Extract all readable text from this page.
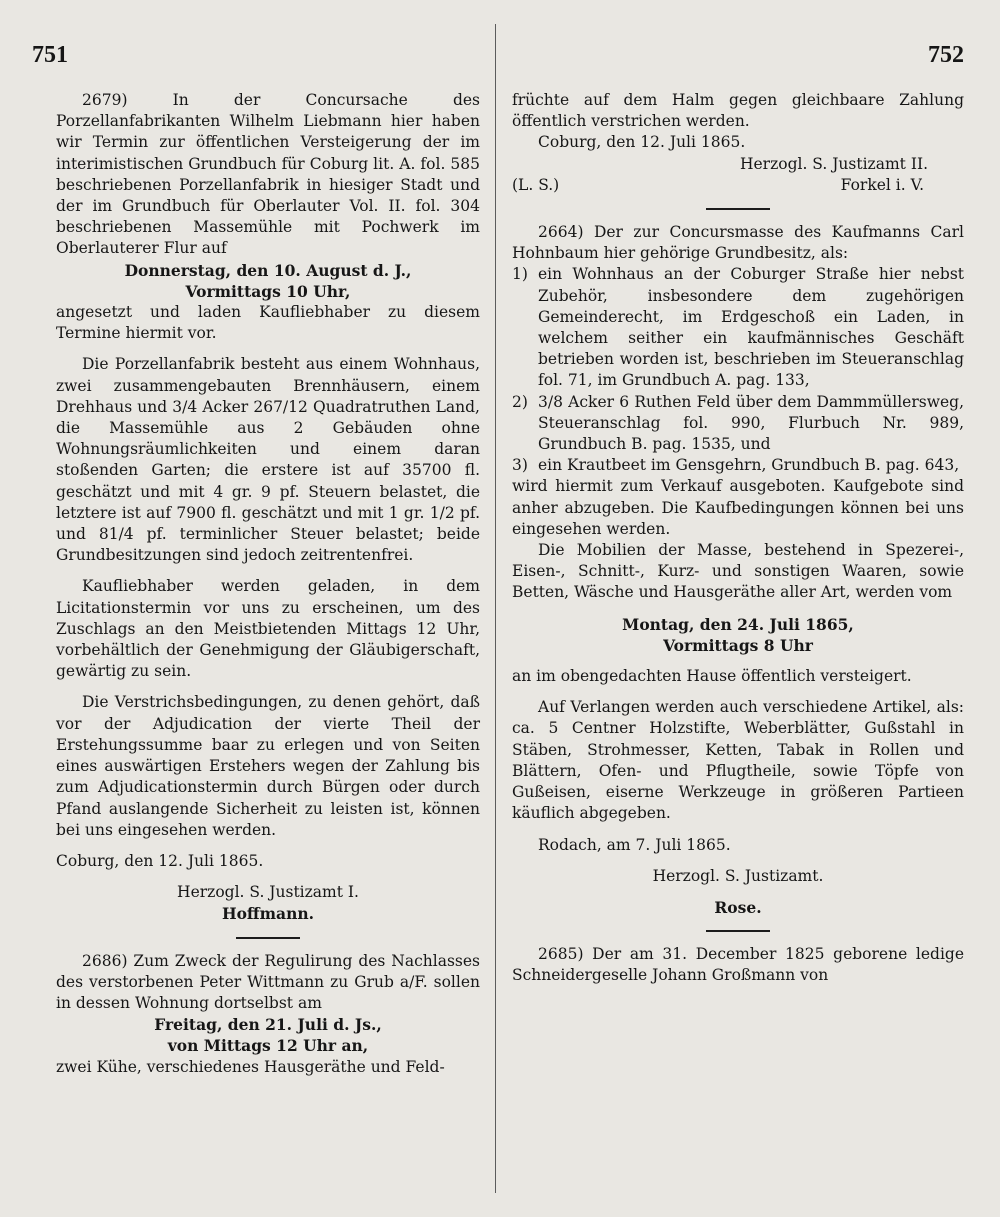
751	752

2679) In der Concursache des Porzellanfabrikanten Wilhelm Liebmann hier haben wir Termin zur öffentlichen Versteigerung der im interimistischen Grundbuch für Coburg lit. A. fol. 585 beschriebenen Porzellanfabrik in hiesiger Stadt und der im Grundbuch für Oberlauter Vol. II. fol. 304 beschriebenen Massemühle mit Pochwerk im Oberlauterer Flur auf

Donnerstag, den 10. August d. J.,

Vormittags 10 Uhr,

angesetzt und laden Kaufliebhaber zu diesem Termine hiermit vor.

Die Porzellanfabrik besteht aus einem Wohnhaus, zwei zusammengebauten Brennhäusern, einem Drehhaus und 3/4 Acker 267/12 Quadratruthen Land, die Massemühle aus 2 Gebäuden ohne Wohnungsräumlichkeiten und einem daran stoßenden Garten; die erstere ist auf 35700 fl. geschätzt und mit 4 gr. 9 pf. Steuern belastet, die letztere ist auf 7900 fl. geschätzt und mit 1 gr. 1/2 pf. und 81/4 pf. terminlicher Steuer belastet; beide Grundbesitzungen sind jedoch zeitrentenfrei.

Kaufliebhaber werden geladen, in dem Licitationstermin vor uns zu erscheinen, um des Zuschlags an den Meistbietenden Mittags 12 Uhr, vorbehältlich der Genehmigung der Gläubigerschaft, gewärtig zu sein.

Die Verstrichsbedingungen, zu denen gehört, daß vor der Adjudication der vierte Theil der Erstehungssumme baar zu erlegen und von Seiten eines auswärtigen Erstehers wegen der Zahlung bis zum Adjudicationstermin durch Bürgen oder durch Pfand auslangende Sicherheit zu leisten ist, können bei uns eingesehen werden.

Coburg, den 12. Juli 1865.

Herzogl. S. Justizamt I.

Hoffmann.

2686) Zum Zweck der Regulirung des Nachlasses des verstorbenen Peter Wittmann zu Grub a/F. sollen in dessen Wohnung dortselbst am

Freitag, den 21. Juli d. Js.,

von Mittags 12 Uhr an,

zwei Kühe, verschiedenes Hausgeräthe und Feld-

früchte auf dem Halm gegen gleichbaare Zahlung öffentlich verstrichen werden.

Coburg, den 12. Juli 1865.

Herzogl. S. Justizamt II.

(L. S.)	Forkel i. V.

2664) Der zur Concursmasse des Kaufmanns Carl Hohnbaum hier gehörige Grundbesitz, als:

1) ein Wohnhaus an der Coburger Straße hier nebst Zubehör, insbesondere dem zugehörigen Gemeinderecht, im Erdgeschoß ein Laden, in welchem seither ein kaufmännisches Geschäft betrieben worden ist, beschrieben im Steueranschlag fol. 71, im Grundbuch A. pag. 133,
2) 3/8 Acker 6 Ruthen Feld über dem Dammmüllersweg, Steueranschlag fol. 990, Flurbuch Nr. 989, Grundbuch B. pag. 1535, und
3) ein Krautbeet im Gensgehrn, Grundbuch B. pag. 643,

wird hiermit zum Verkauf ausgeboten. Kaufgebote sind anher abzugeben. Die Kaufbedingungen können bei uns eingesehen werden.

Die Mobilien der Masse, bestehend in Spezerei-, Eisen-, Schnitt-, Kurz- und sonstigen Waaren, sowie Betten, Wäsche und Hausgeräthe aller Art, werden vom

Montag, den 24. Juli 1865,

Vormittags 8 Uhr

an im obengedachten Hause öffentlich versteigert.

Auf Verlangen werden auch verschiedene Artikel, als: ca. 5 Centner Holzstifte, Weberblätter, Gußstahl in Stäben, Strohmesser, Ketten, Tabak in Rollen und Blättern, Ofen- und Pflugtheile, sowie Töpfe von Gußeisen, eiserne Werkzeuge in größeren Partieen käuflich abgegeben.

Rodach, am 7. Juli 1865.

Herzogl. S. Justizamt.

Rose.

2685) Der am 31. December 1825 geborene ledige Schneidergeselle Johann Großmann von
